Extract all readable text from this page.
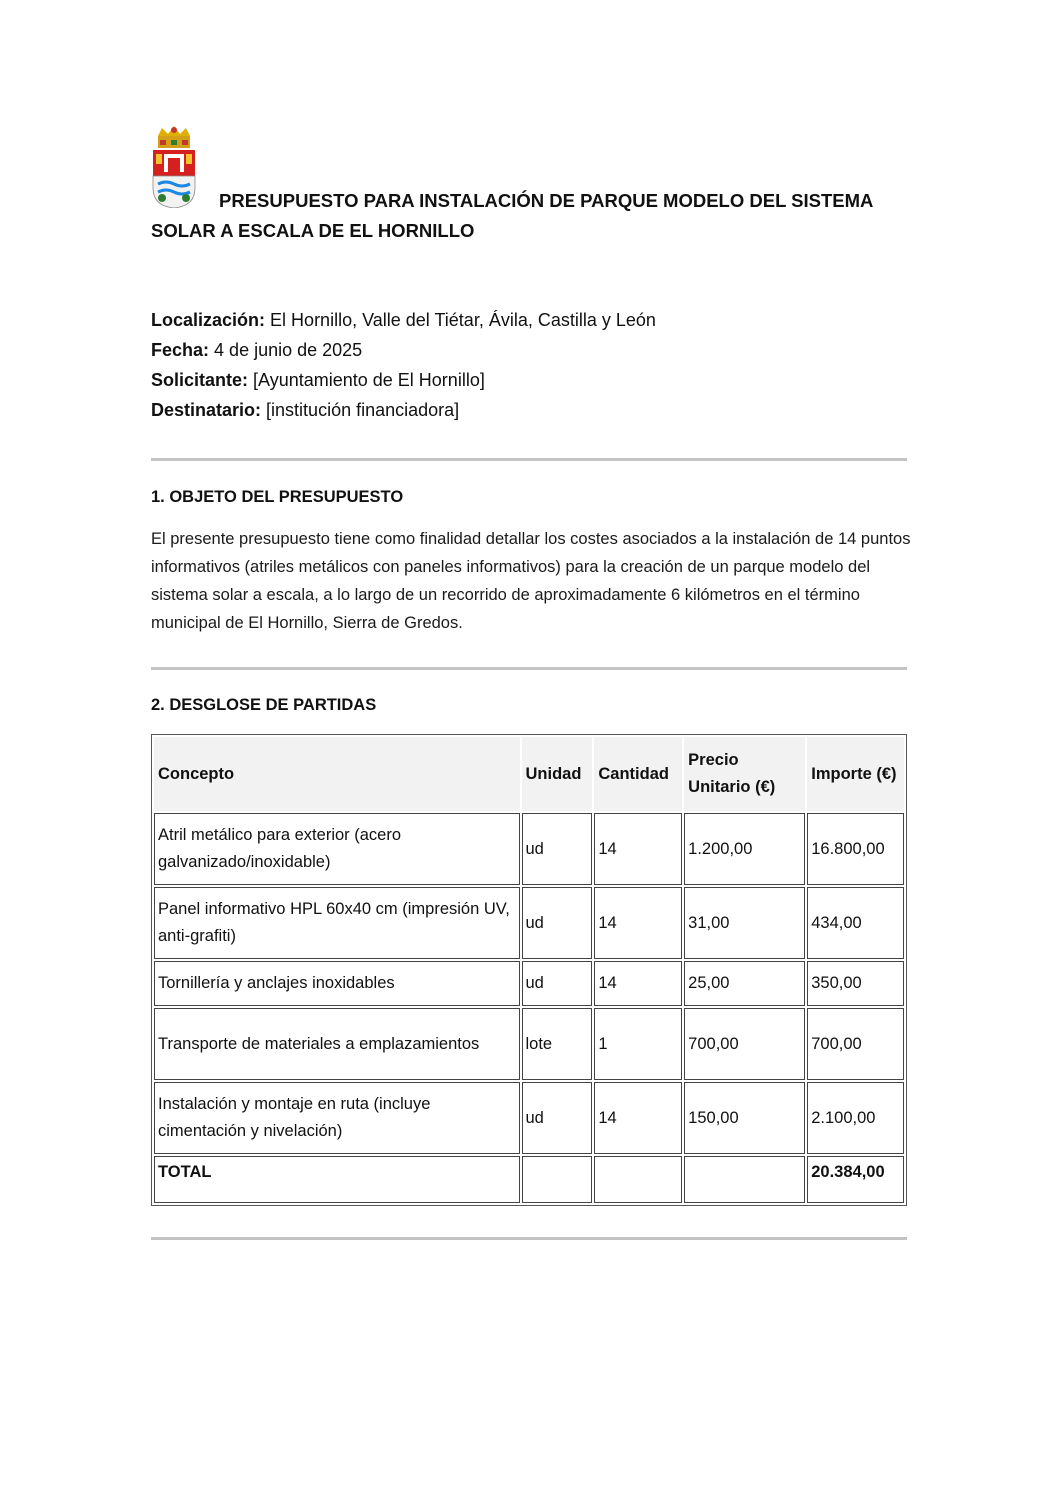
PRESUPUESTO PARA INSTALACIÓN DE PARQUE MODELO DEL SISTEMA SOLAR A ESCALA DE EL HORNILLO
Localización: El Hornillo, Valle del Tiétar, Ávila, Castilla y León
Fecha: 4 de junio de 2025
Solicitante: [Ayuntamiento de El Hornillo]
Destinatario: [institución financiadora]
1. OBJETO DEL PRESUPUESTO

El presente presupuesto tiene como finalidad detallar los costes asociados a la instalación de 14 puntos informativos (atriles metálicos con paneles informativos) para la creación de un parque modelo del sistema solar a escala, a lo largo de un recorrido de aproximadamente 6 kilómetros en el término municipal de El Hornillo, Sierra de Gredos.

2. DESGLOSE DE PARTIDAS
Concepto	Unidad	Cantidad	Precio Unitario (€)	Importe (€)
Atril metálico para exterior (acero galvanizado/inoxidable)	ud	14	1.200,00	16.800,00
Panel informativo HPL 60x40 cm (impresión UV, anti-grafiti)	ud	14	31,00	434,00
Tornillería y anclajes inoxidables	ud	14	25,00	350,00
Transporte de materiales a emplazamientos	lote	1	700,00	700,00
Instalación y montaje en ruta (incluye cimentación y nivelación)	ud	14	150,00	2.100,00
TOTAL				20.384,00
